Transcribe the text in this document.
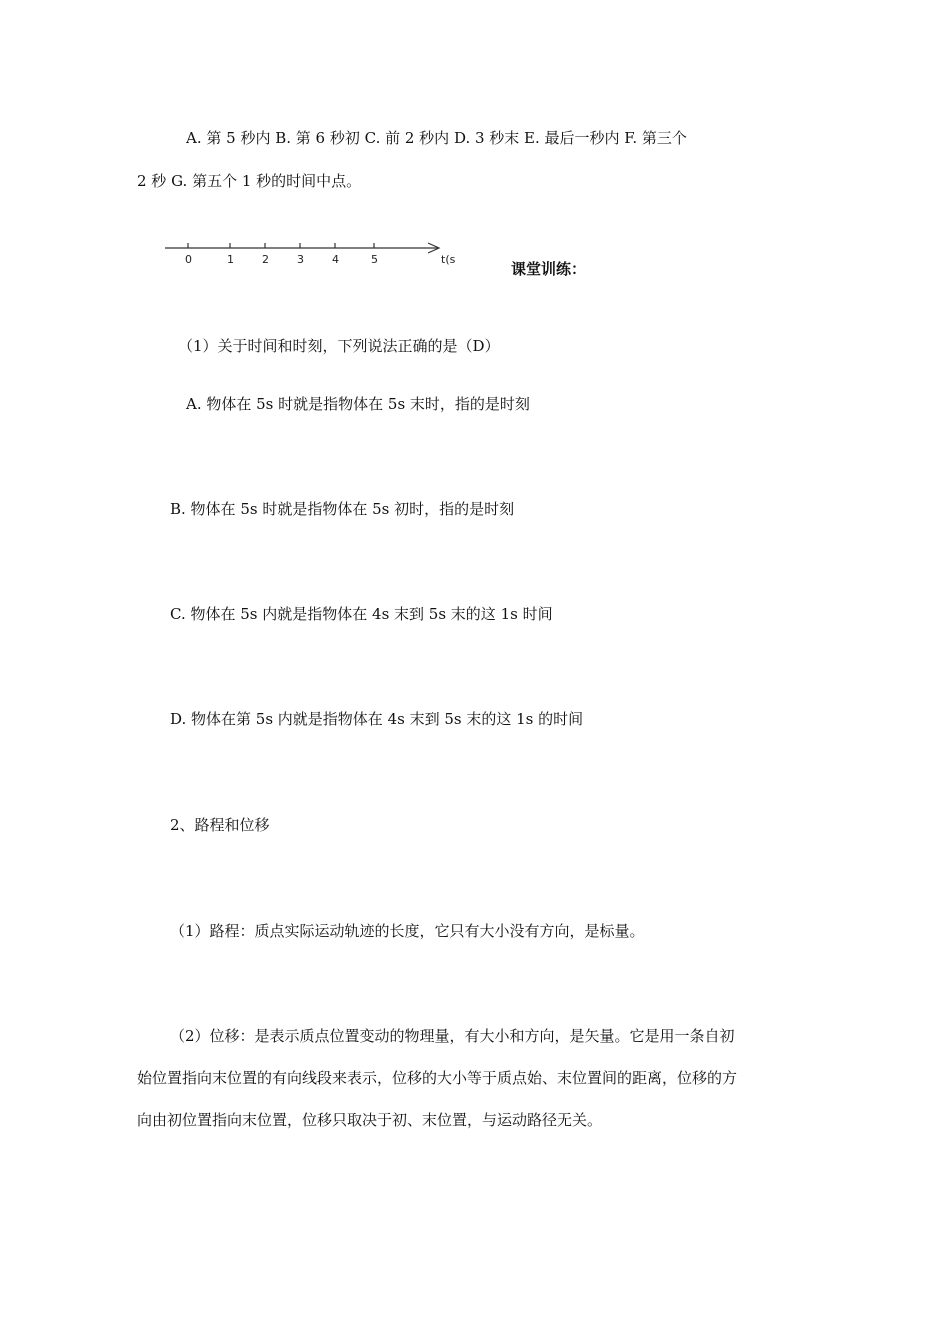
A. 第 5 秒内 B. 第 6 秒初 C. 前 2 秒内 D. 3 秒末 E. 最后一秒内 F. 第三个
2 秒 G. 第五个 1 秒的时间中点。
0	1	2	3	4	5	t(s
课堂训练：
（1）关于时间和时刻，下列说法正确的是（D）
A. 物体在 5s 时就是指物体在 5s 末时，指的是时刻
B. 物体在 5s 时就是指物体在 5s 初时，指的是时刻
C. 物体在 5s 内就是指物体在 4s 末到 5s 末的这 1s 时间
D. 物体在第 5s 内就是指物体在 4s 末到 5s 末的这 1s 的时间
2、路程和位移
（1）路程：质点实际运动轨迹的长度，它只有大小没有方向，是标量。
（2）位移：是表示质点位置变动的物理量，有大小和方向，是矢量。它是用一条自初
始位置指向末位置的有向线段来表示，位移的大小等于质点始、末位置间的距离，位移的方
向由初位置指向末位置，位移只取决于初、末位置，与运动路径无关。
